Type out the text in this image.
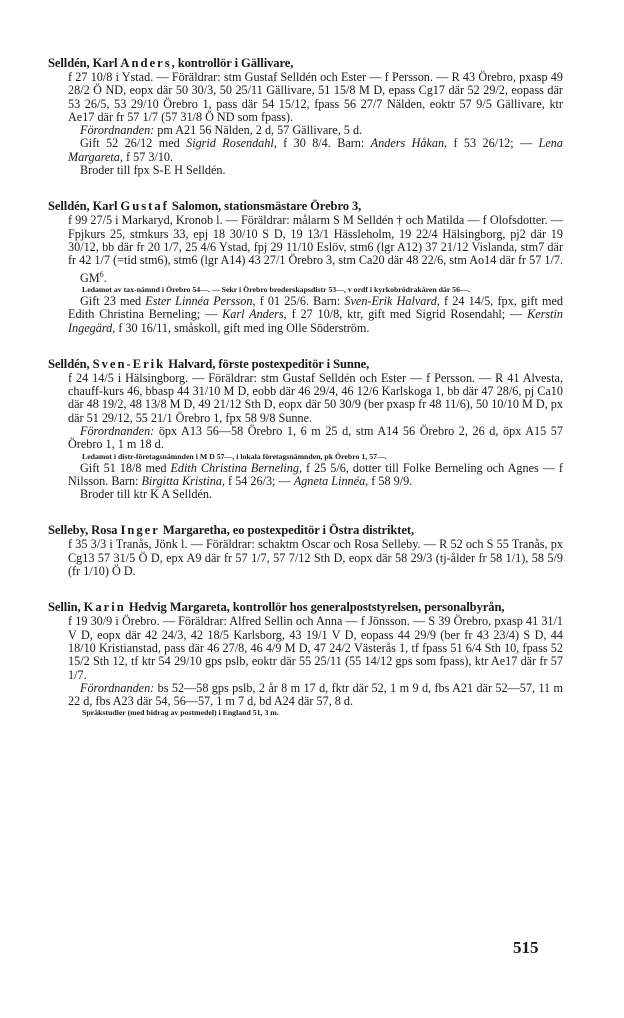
Selldén, Karl Anders, kontrollör i Gällivare,

f 27 10/8 i Ystad. — Föräldrar: stm Gustaf Selldén och Ester — f Persson. — R 43 Örebro, pxasp 49 28/2 Ö ND, eopx där 50 30/3, 50 25/11 Gällivare, 51 15/8 M D, epass Cg17 där 52 29/2, eopass där 53 26/5, 53 29/10 Örebro 1, pass där 54 15/12, fpass 56 27/7 Nälden, eoktr 57 9/5 Gällivare, ktr Ae17 där fr 57 1/7 (57 31/8 Ö ND som fpass).

Förordnanden: pm A21 56 Nälden, 2 d, 57 Gällivare, 5 d.

Gift 52 26/12 med Sigrid Rosendahl, f 30 8/4. Barn: Anders Håkan, f 53 26/12; — Lena Margareta, f 57 3/10.

Broder till fpx S-E H Selldén.

Selldén, Karl Gustaf Salomon, stationsmästare Örebro 3,

f 99 27/5 i Markaryd, Kronob l. — Föräldrar: målarm S M Selldén † och Matilda — f Olofsdotter. — Fpjkurs 25, stmkurs 33, epj 18 30/10 S D, 19 13/1 Hässleholm, 19 22/4 Hälsingborg, pj2 där 19 30/12, bb där fr 20 1/7, 25 4/6 Ystad, fpj 29 11/10 Eslöv, stm6 (lgr A12) 37 21/12 Vislanda, stm7 där fr 42 1/7 (=tid stm6), stm6 (lgr A14) 43 27/1 Örebro 3, stm Ca20 där 48 22/6, stm Ao14 där fr 57 1/7.

$GM^6$.

Ledamot av tax-nämnd i Örebro 54—. — Sekr i Örebro broderskapsdistr 53—, v ordf i kyrkobrödrakåren där 56—.

Gift 23 med Ester Linnéa Persson, f 01 25/6. Barn: Sven-Erik Halvard, f 24 14/5, fpx, gift med Edith Christina Berneling; — Karl Anders, f 27 10/8, ktr, gift med Sigrid Rosendahl; — Kerstin Ingegärd, f 30 16/11, småskoll, gift med ing Olle Söderström.

Selldén, Sven-Erik Halvard, förste postexpeditör i Sunne,

f 24 14/5 i Hälsingborg. — Föräldrar: stm Gustaf Selldén och Ester — f Persson. — R 41 Alvesta, chauff-kurs 46, bbasp 44 31/10 M D, eobb där 46 29/4, 46 12/6 Karlskoga 1, bb där 47 28/6, pj Ca10 där 48 19/2, 48 13/8 M D, 49 21/12 Sth D, eopx där 50 30/9 (ber pxasp fr 48 11/6), 50 10/10 M D, px där 51 29/12, 55 21/1 Örebro 1, fpx 58 9/8 Sunne.

Förordnanden: öpx A13 56—58 Örebro 1, 6 m 25 d, stm A14 56 Örebro 2, 26 d, öpx A15 57 Örebro 1, 1 m 18 d.

Ledamot i distr-företagsnämnden i M D 57—, i lokala företagsnämnden, pk Örebro 1, 57—.

Gift 51 18/8 med Edith Christina Berneling, f 25 5/6, dotter till Folke Berneling och Agnes — f Nilsson. Barn: Birgitta Kristina, f 54 26/3; — Agneta Linnéa, f 58 9/9.

Broder till ktr K A Selldén.

Selleby, Rosa Inger Margaretha, eo postexpeditör i Östra distriktet,

f 35 3/3 i Tranås, Jönk l. — Föräldrar: schaktm Oscar och Rosa Selleby. — R 52 och S 55 Tranås, px Cg13 57 31/5 Ö D, epx A9 där fr 57 1/7, 57 7/12 Sth D, eopx där 58 29/3 (tj-ålder fr 58 1/1), 58 5/9 (fr 1/10) Ö D.

Sellin, Karin Hedvig Margareta, kontrollör hos generalpoststyrelsen, personalbyrån,

f 19 30/9 i Örebro. — Föräldrar: Alfred Sellin och Anna — f Jönsson. — S 39 Örebro, pxasp 41 31/1 V D, eopx där 42 24/3, 42 18/5 Karlsborg, 43 19/1 V D, eopass 44 29/9 (ber fr 43 23/4) S D, 44 18/10 Kristianstad, pass där 46 27/8, 46 4/9 M D, 47 24/2 Västerås 1, tf fpass 51 6/4 Sth 10, fpass 52 15/2 Sth 12, tf ktr 54 29/10 gps pslb, eoktr där 55 25/11 (55 14/12 gps som fpass), ktr Ae17 där fr 57 1/7.

Förordnanden: bs 52—58 gps pslb, 2 år 8 m 17 d, fktr där 52, 1 m 9 d, fbs A21 där 52—57, 11 m 22 d, fbs A23 där 54, 56—57, 1 m 7 d, bd A24 där 57, 8 d.

Språkstudier (med bidrag av postmedel) i England 51, 3 m.

515
